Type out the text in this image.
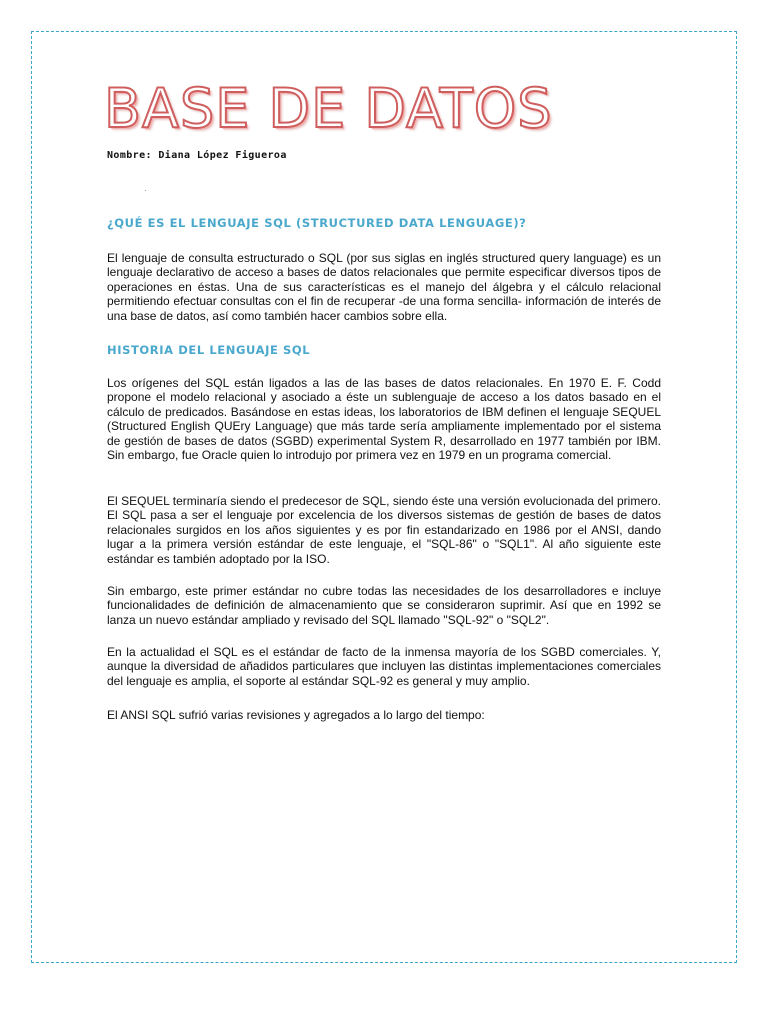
BASE DE DATOS

Nombre: Diana López Figueroa

¿QUÉ ES EL LENGUAJE SQL (STRUCTURED DATA LENGUAGE)?

El lenguaje de consulta estructurado o SQL (por sus siglas en inglés structured query language) es un lenguaje declarativo de acceso a bases de datos relacionales que permite especificar diversos tipos de operaciones en éstas. Una de sus características es el manejo del álgebra y el cálculo relacional permitiendo efectuar consultas con el fin de recuperar -de una forma sencilla- información de interés de una base de datos, así como también hacer cambios sobre ella.

HISTORIA DEL LENGUAJE SQL

Los orígenes del SQL están ligados a las de las bases de datos relacionales. En 1970 E. F. Codd propone el modelo relacional y asociado a éste un sublenguaje de acceso a los datos basado en el cálculo de predicados. Basándose en estas ideas, los laboratorios de IBM definen el lenguaje SEQUEL (Structured English QUEry Language) que más tarde sería ampliamente implementado por el sistema de gestión de bases de datos (SGBD) experimental System R, desarrollado en 1977 también por IBM. Sin embargo, fue Oracle quien lo introdujo por primera vez en 1979 en un programa comercial.

El SEQUEL terminaría siendo el predecesor de SQL, siendo éste una versión evolucionada del primero. El SQL pasa a ser el lenguaje por excelencia de los diversos sistemas de gestión de bases de datos relacionales surgidos en los años siguientes y es por fin estandarizado en 1986 por el ANSI, dando lugar a la primera versión estándar de este lenguaje, el "SQL-86" o "SQL1". Al año siguiente este estándar es también adoptado por la ISO.

Sin embargo, este primer estándar no cubre todas las necesidades de los desarrolladores e incluye funcionalidades de definición de almacenamiento que se consideraron suprimir. Así que en 1992 se lanza un nuevo estándar ampliado y revisado del SQL llamado "SQL-92" o "SQL2".

En la actualidad el SQL es el estándar de facto de la inmensa mayoría de los SGBD comerciales. Y, aunque la diversidad de añadidos particulares que incluyen las distintas implementaciones comerciales del lenguaje es amplia, el soporte al estándar SQL-92 es general y muy amplio.

El ANSI SQL sufrió varias revisiones y agregados a lo largo del tiempo:
